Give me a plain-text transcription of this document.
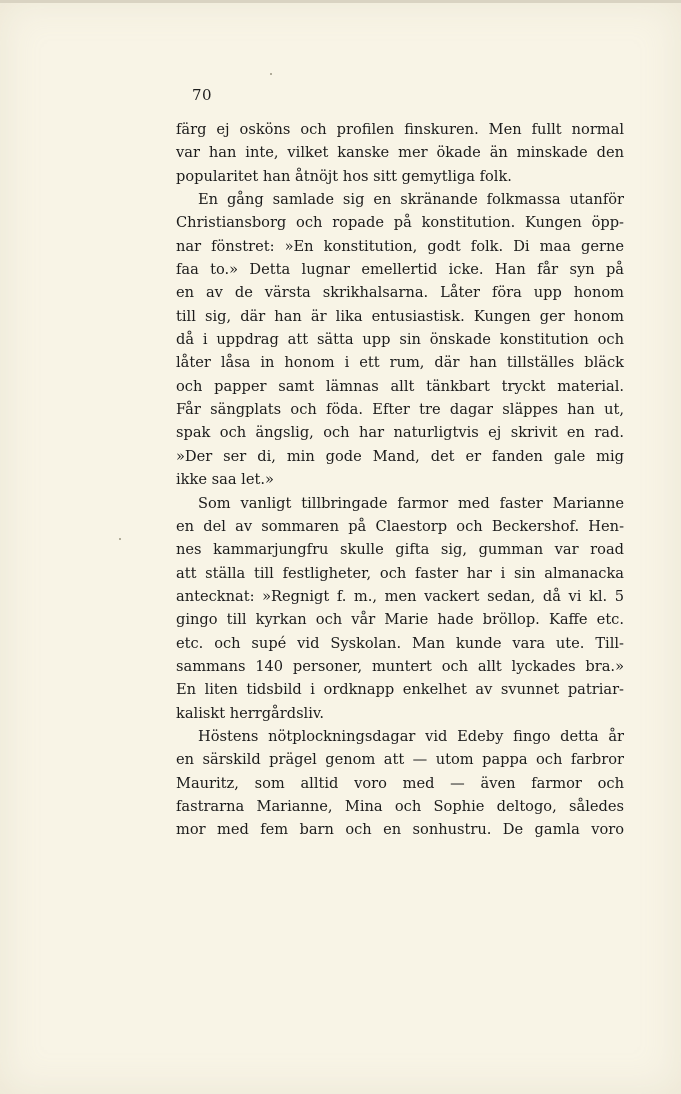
70
färg ej osköns och profilen finskuren. Men fullt normal
var han inte, vilket kanske mer ökade än minskade den
popularitet han åtnöjt hos sitt gemytliga folk.
En gång samlade sig en skränande folkmassa utanför
Christiansborg och ropade på konstitution. Kungen öpp-
nar fönstret: »En konstitution, godt folk. Di maa gerne
faa to.» Detta lugnar emellertid icke. Han får syn på
en av de värsta skrikhalsarna. Låter föra upp honom
till sig, där han är lika entusiastisk. Kungen ger honom
då i uppdrag att sätta upp sin önskade konstitution och
låter låsa in honom i ett rum, där han tillställes bläck
och papper samt lämnas allt tänkbart tryckt material.
Får sängplats och föda. Efter tre dagar släppes han ut,
spak och ängslig, och har naturligtvis ej skrivit en rad.
»Der ser di, min gode Mand, det er fanden gale mig
ikke saa let.»
Som vanligt tillbringade farmor med faster Marianne
en del av sommaren på Claestorp och Beckershof. Hen-
nes kammarjungfru skulle gifta sig, gumman var road
att ställa till festligheter, och faster har i sin almanacka
antecknat: »Regnigt f. m., men vackert sedan, då vi kl. 5
gingo till kyrkan och vår Marie hade bröllop. Kaffe etc.
etc. och supé vid Syskolan. Man kunde vara ute. Till-
sammans 140 personer, muntert och allt lyckades bra.»
En liten tidsbild i ordknapp enkelhet av svunnet patriar-
kaliskt herrgårdsliv.
Höstens nötplockningsdagar vid Edeby fingo detta år
en särskild prägel genom att — utom pappa och farbror
Mauritz, som alltid voro med — även farmor och
fastrarna Marianne, Mina och Sophie deltogo, således
mor med fem barn och en sonhustru. De gamla voro
